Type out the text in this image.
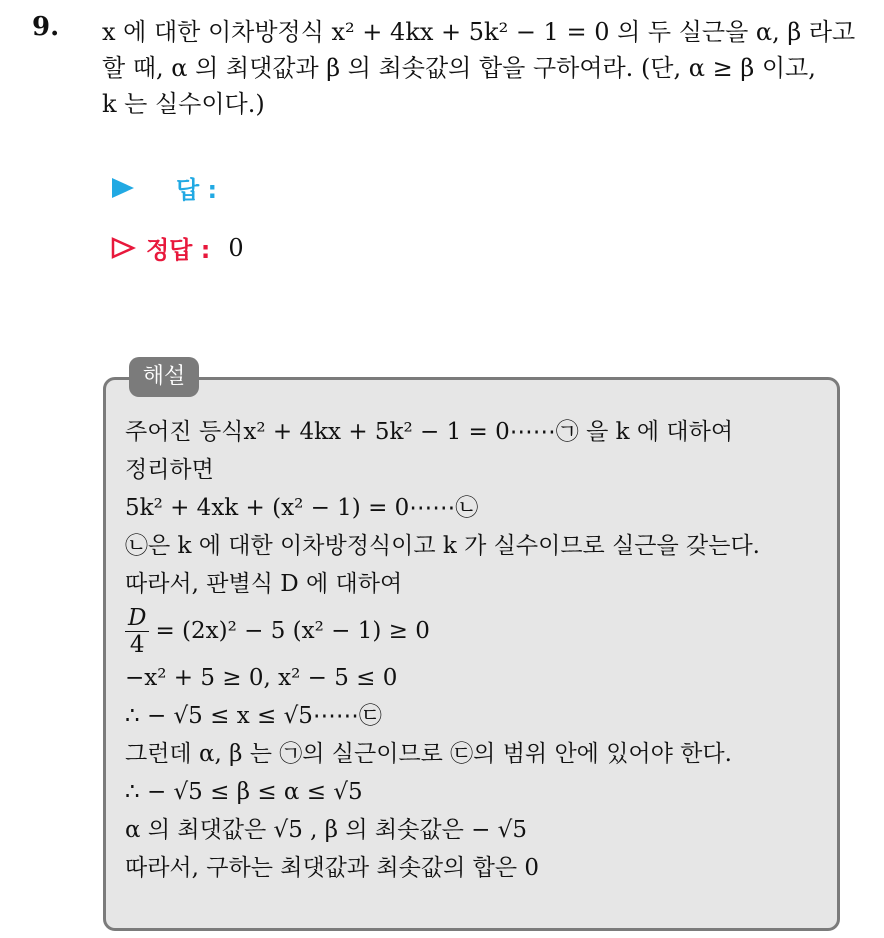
9. x 에 대한 이차방정식 x² + 4kx + 5k² − 1 = 0 의 두 실근을 α, β 라고
할 때, α 의 최댓값과 β 의 최솟값의 합을 구하여라. (단, α ≥ β 이고,
k 는 실수이다.)
답 :
정답 : 0
해설
주어진 등식x² + 4kx + 5k² − 1 = 0⋯⋯㉠ 을 k 에 대하여
정리하면
5k² + 4xk + (x² − 1) = 0⋯⋯㉡
㉡은 k 에 대한 이차방정식이고 k 가 실수이므로 실근을 갖는다.
따라서, 판별식 D 에 대하여
$\frac{D}{4} = (2x)^2 - 5$ (x² − 1) ≥ 0
−x² + 5 ≥ 0, x² − 5 ≤ 0
∴ − √5 ≤ x ≤ √5⋯⋯㉢
그런데 α, β 는 ㉠의 실근이므로 ㉢의 범위 안에 있어야 한다.
∴ − √5 ≤ β ≤ α ≤ √5
α 의 최댓값은 √5 , β 의 최솟값은 − √5
따라서, 구하는 최댓값과 최솟값의 합은 0
